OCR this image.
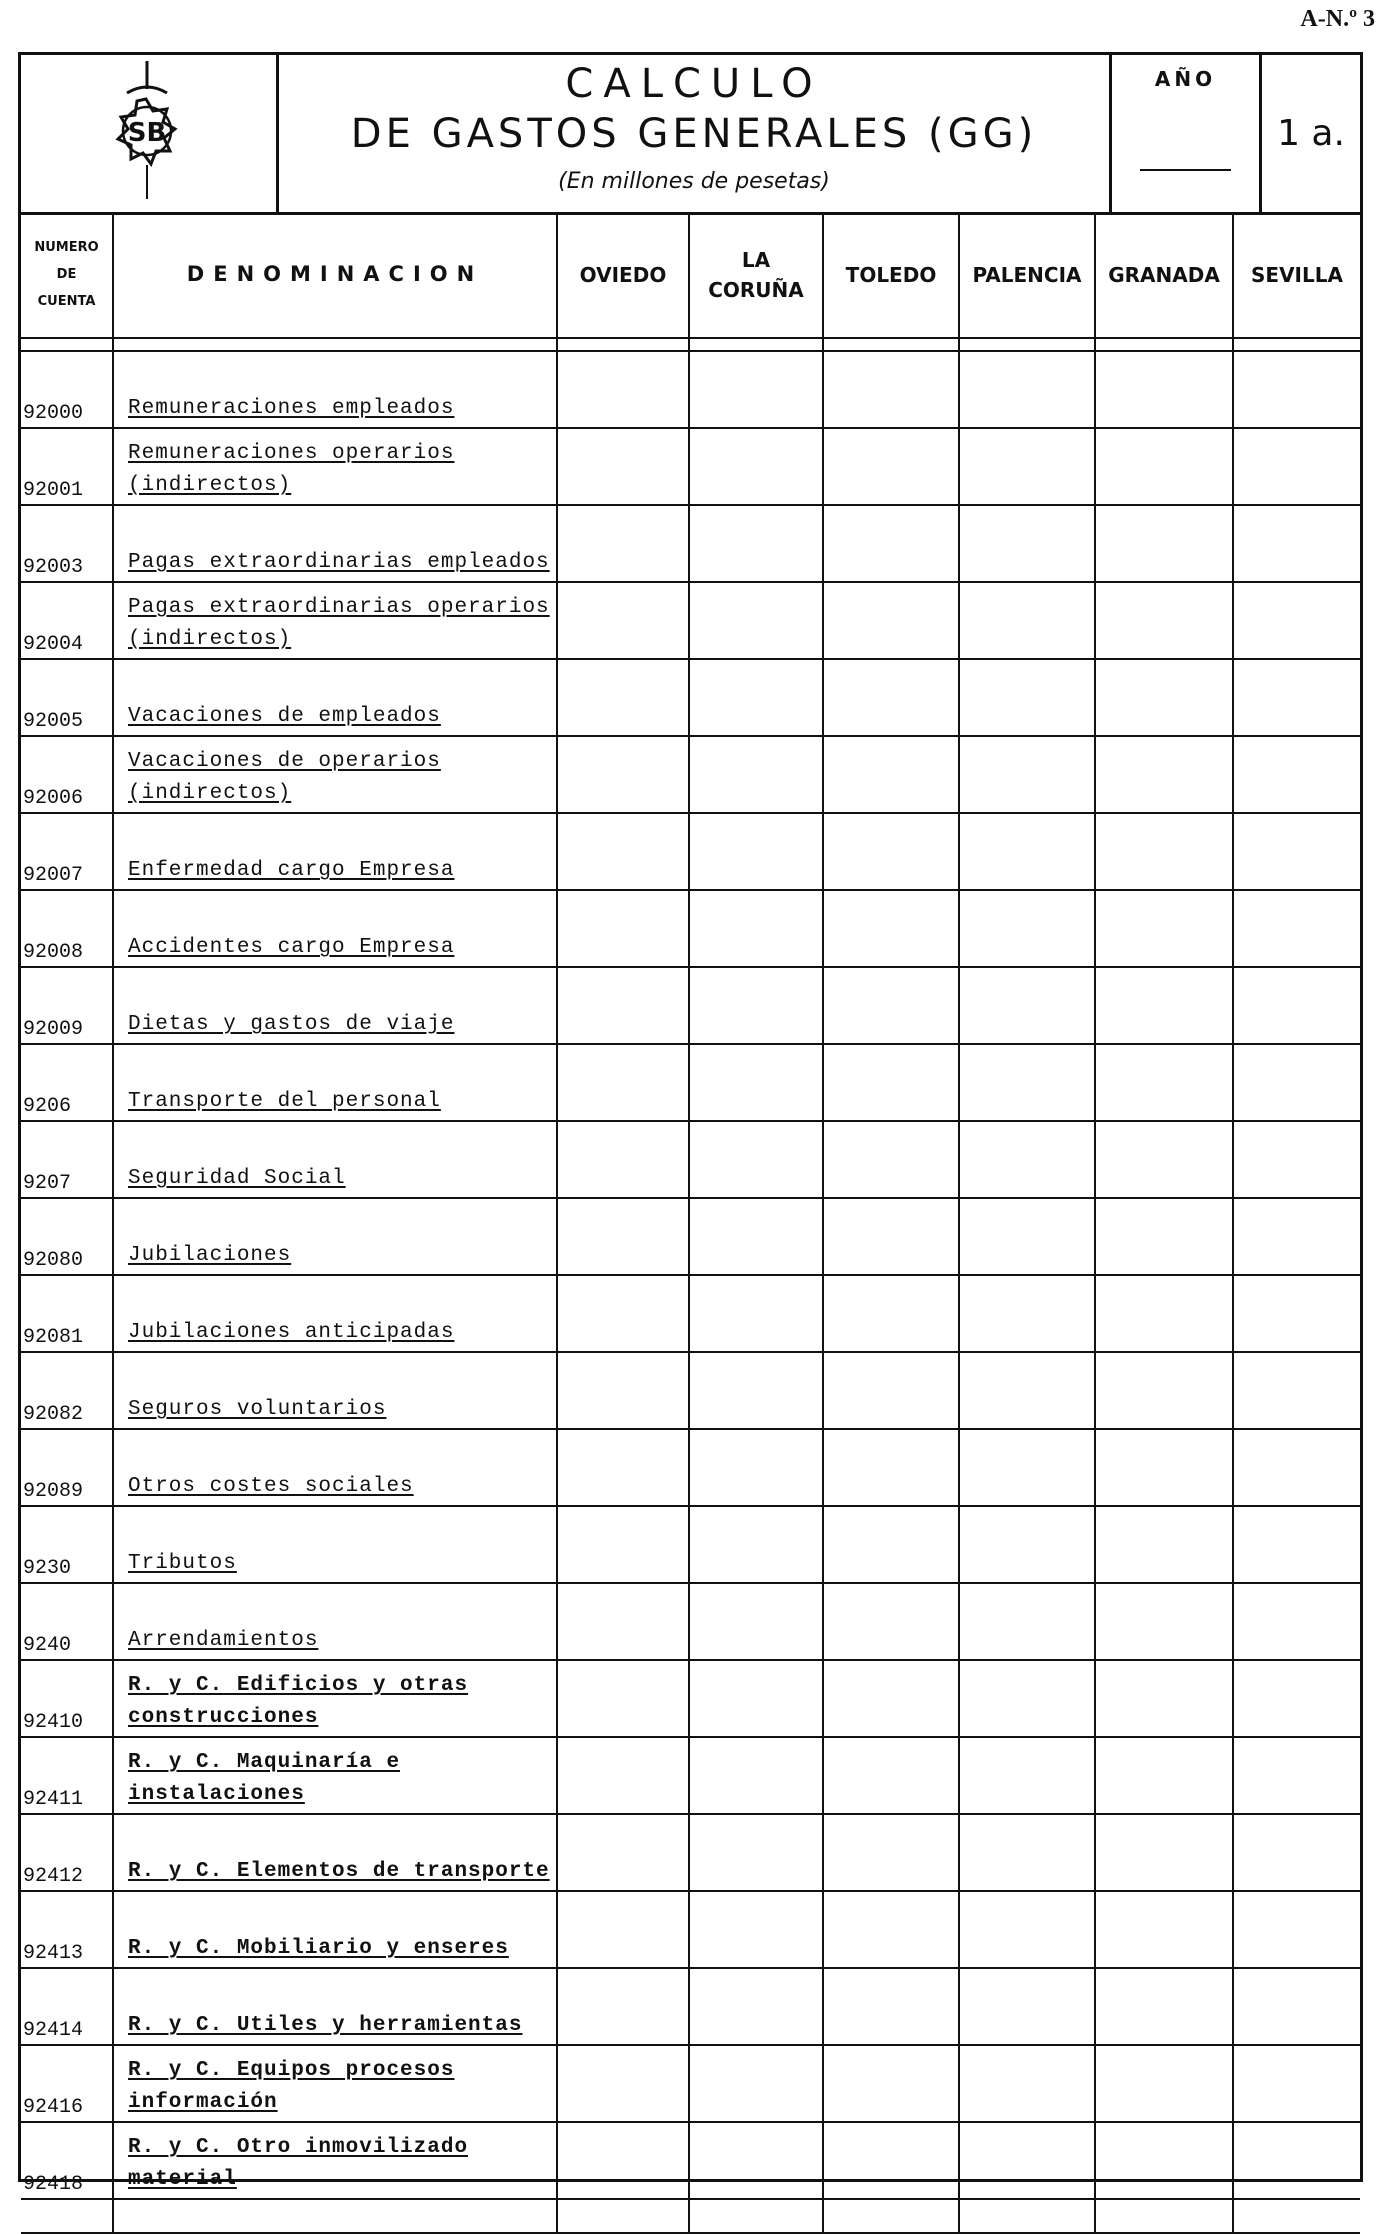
A-N.º 3
SB
CALCULO
DE GASTOS GENERALES (GG)
(En millones de pesetas)
AÑO
1 a.
NUMERO
DE
CUENTA	DENOMINACION	OVIEDO	LA CORUÑA	TOLEDO	PALENCIA	GRANADA	SEVILLA

92000	Remuneraciones empleados						
92001	Remuneraciones operarios (indirectos)						
92003	Pagas extraordinarias empleados						
92004	Pagas extraordinarias operarios (indirectos)						
92005	Vacaciones de empleados						
92006	Vacaciones de operarios (indirectos)						
92007	Enfermedad cargo Empresa						
92008	Accidentes cargo Empresa						
92009	Dietas y gastos de viaje						
9206	Transporte del personal						
9207	Seguridad Social						
92080	Jubilaciones						
92081	Jubilaciones anticipadas						
92082	Seguros voluntarios						
92089	Otros costes sociales						
9230	Tributos						
9240	Arrendamientos						
92410	R. y C. Edificios y otras construcciones						
92411	R. y C. Maquinaría e instalaciones						
92412	R. y C. Elementos de transporte						
92413	R. y C. Mobiliario y enseres						
92414	R. y C. Utiles y herramientas						
92416	R. y C. Equipos procesos información						
92418	R. y C. Otro inmovilizado material						
